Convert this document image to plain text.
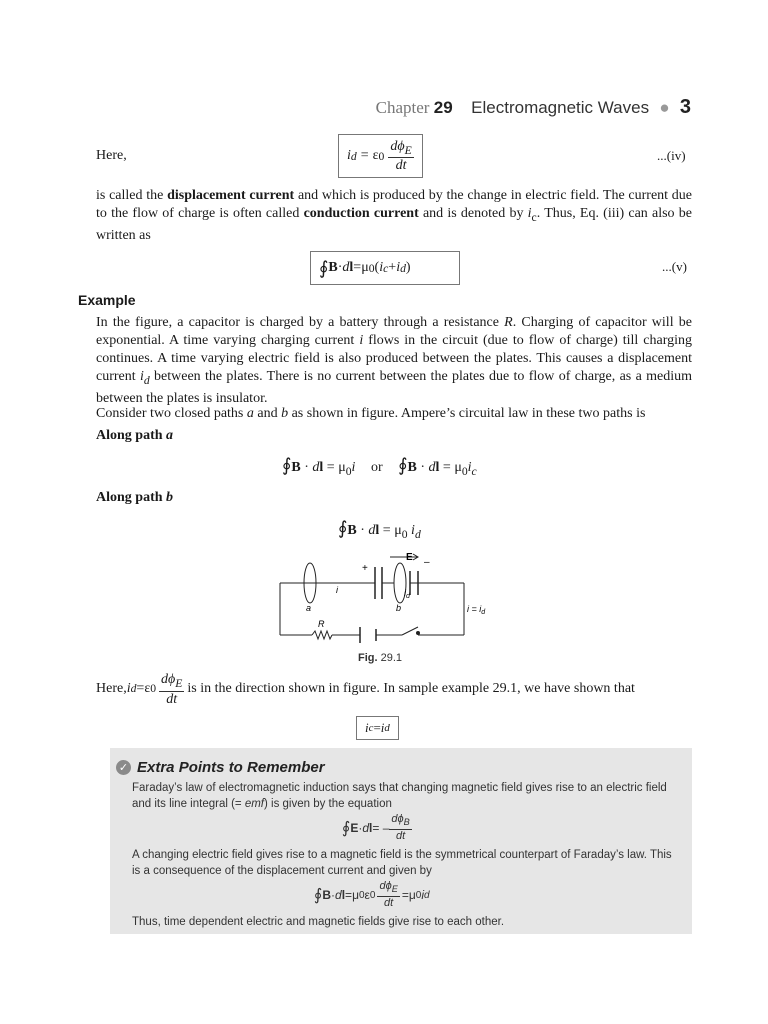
Chapter 29 Electromagnetic Waves ● 3
Here,	i d = ε $0 \frac{d\phi_E}{dt}$	...(iv)
is called the displacement current and which is produced by the change in electric field. The current due to the flow of charge is often called conduction current and is denoted by $i_c$. Thus, Eq. (iii) can also be written as
∮ B · d l = μ 0 ( i c + i d )	...(v)
Example
In the figure, a capacitor is charged by a battery through a resistance R. Charging of capacitor will be exponential. A time varying charging current i flows in the circuit (due to flow of charge) till charging continues. A time varying electric field is also produced between the plates. This causes a displacement current $i_d$ between the plates. There is no current between the plates due to flow of charge, as a medium between the plates is insulator.
Consider two closed paths a and b as shown in figure. Ampere’s circuital law in these two paths is
Along path a
∮B · dl = $\mu_0i$ or ∮B · dl = $\mu_0i_c$
Along path b
∮B · dl = $\mu_0$ $i_d$
E
+
–
i	$i_d$
a	b
R
$i = i_d$
Fig. 29.1
Here, i d = ε $0 \frac{d\phi_E}{dt}$ is in the direction shown in figure. In sample example 29.1, we have shown that
i c = i d
✓ Extra Points to Remember
Faraday’s law of electromagnetic induction says that changing magnetic field gives rise to an electric field and its line integral (= emf) is given by the equation
∮ E · d l = – $\frac{d\phi_B}{dt}$
A changing electric field gives rise to a magnetic field is the symmetrical counterpart of Faraday’s law. This is a consequence of the displacement current and given by
∮ B · d l = μ 0 ε $0 \frac{d\phi_E}{dt} = \mu$ 0 i d
Thus, time dependent electric and magnetic fields give rise to each other.
